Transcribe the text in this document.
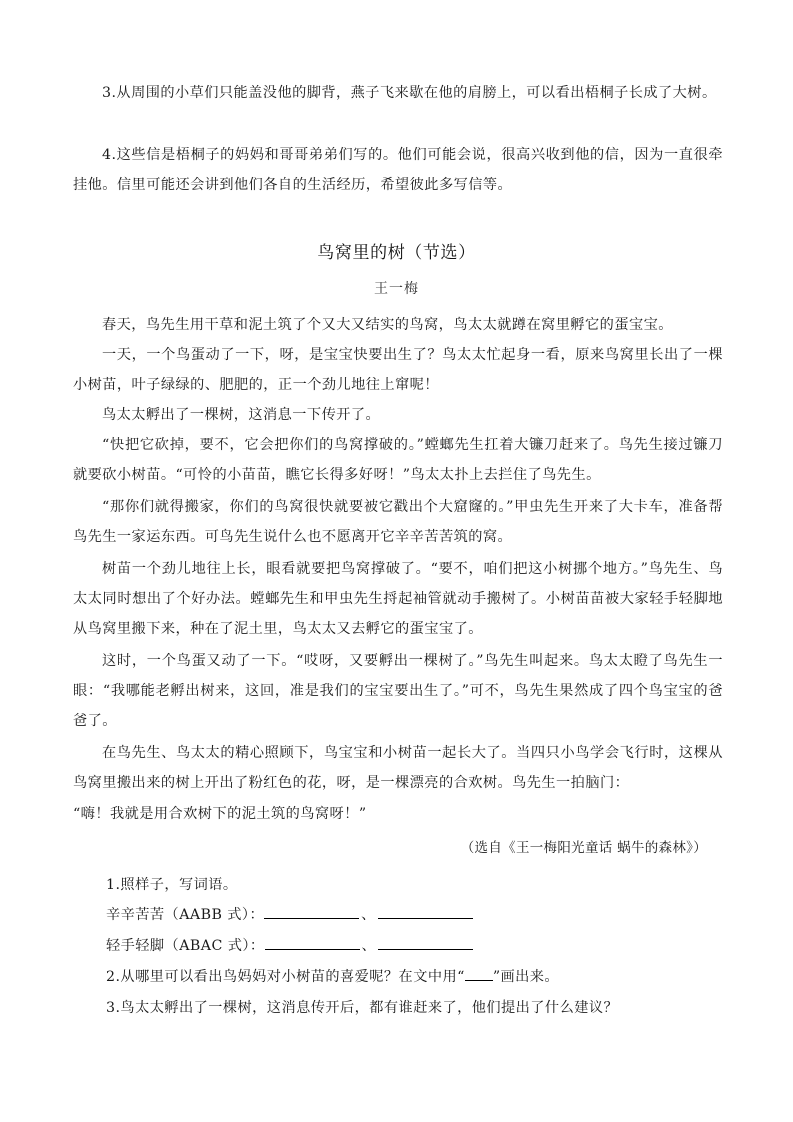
3.从周围的小草们只能盖没他的脚背，燕子飞来歇在他的肩膀上，可以看出梧桐子长成了大树。

4.这些信是梧桐子的妈妈和哥哥弟弟们写的。他们可能会说，很高兴收到他的信，因为一直很牵挂他。信里可能还会讲到他们各自的生活经历，希望彼此多写信等。

鸟窝里的树（节选）
王一梅

春天，鸟先生用干草和泥土筑了个又大又结实的鸟窝，鸟太太就蹲在窝里孵它的蛋宝宝。

一天，一个鸟蛋动了一下，呀，是宝宝快要出生了？鸟太太忙起身一看，原来鸟窝里长出了一棵小树苗，叶子绿绿的、肥肥的，正一个劲儿地往上窜呢！

鸟太太孵出了一棵树，这消息一下传开了。

“快把它砍掉，要不，它会把你们的鸟窝撑破的。”螳螂先生扛着大镰刀赶来了。鸟先生接过镰刀就要砍小树苗。“可怜的小苗苗，瞧它长得多好呀！”鸟太太扑上去拦住了鸟先生。

“那你们就得搬家，你们的鸟窝很快就要被它戳出个大窟窿的。”甲虫先生开来了大卡车，准备帮鸟先生一家运东西。可鸟先生说什么也不愿离开它辛辛苦苦筑的窝。

树苗一个劲儿地往上长，眼看就要把鸟窝撑破了。“要不，咱们把这小树挪个地方。”鸟先生、鸟太太同时想出了个好办法。螳螂先生和甲虫先生捋起袖管就动手搬树了。小树苗苗被大家轻手轻脚地从鸟窝里搬下来，种在了泥土里，鸟太太又去孵它的蛋宝宝了。

这时，一个鸟蛋又动了一下。“哎呀，又要孵出一棵树了。”鸟先生叫起来。鸟太太瞪了鸟先生一眼：“我哪能老孵出树来，这回，准是我们的宝宝要出生了。”可不，鸟先生果然成了四个鸟宝宝的爸爸了。

在鸟先生、鸟太太的精心照顾下，鸟宝宝和小树苗一起长大了。当四只小鸟学会飞行时，这棵从鸟窝里搬出来的树上开出了粉红色的花，呀，是一棵漂亮的合欢树。鸟先生一拍脑门：

“嗨！我就是用合欢树下的泥土筑的鸟窝呀！”

（选自《王一梅阳光童话 蜗牛的森林》）

1.照样子，写词语。

辛辛苦苦（AABB 式）：	、

轻手轻脚（ABAC 式）：	、

2.从哪里可以看出鸟妈妈对小树苗的喜爱呢？在文中用“ ”画出来。

3.鸟太太孵出了一棵树，这消息传开后，都有谁赶来了，他们提出了什么建议？
